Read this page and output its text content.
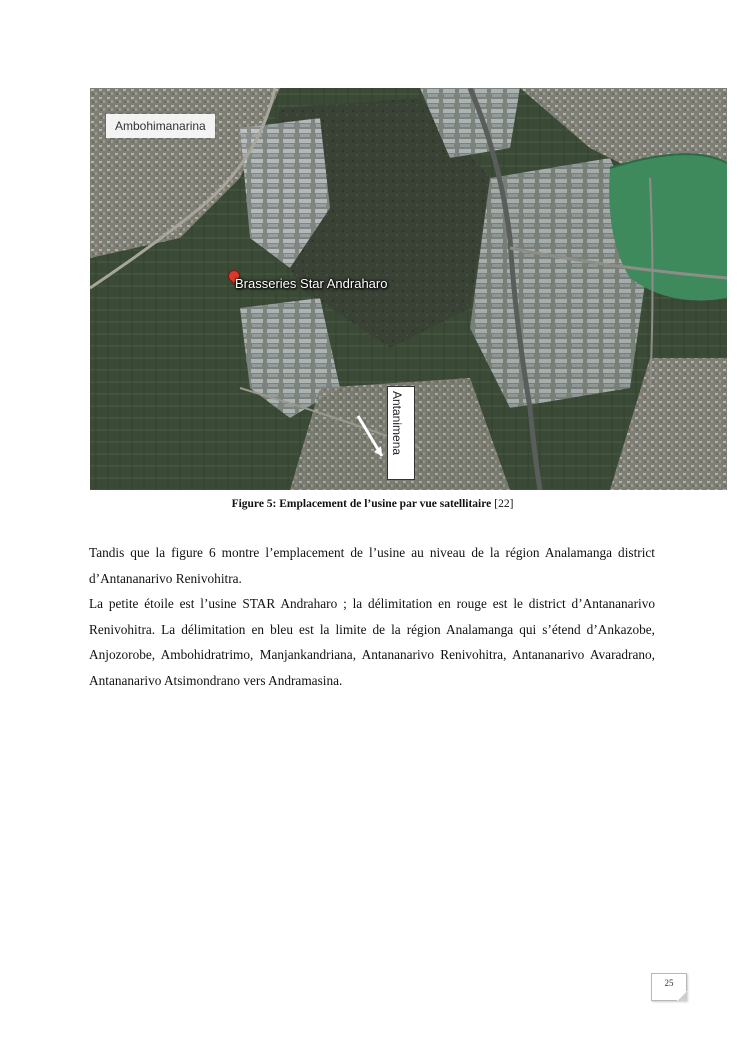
Ambohimanarina
Brasseries Star Andraharo
Antanimena
Figure 5: Emplacement de l’usine par vue satellitaire [22]

Tandis que la figure 6 montre l’emplacement de l’usine au niveau de la région Analamanga district d’Antananarivo Renivohitra.

La petite étoile est l’usine STAR Andraharo ; la délimitation en rouge est le district d’Antananarivo Renivohitra. La délimitation en bleu est la limite de la région Analamanga qui s’étend d’Ankazobe, Anjozorobe, Ambohidratrimo, Manjankandriana, Antananarivo Renivohitra, Antananarivo Avaradrano, Antananarivo Atsimondrano vers Andramasina.

25
